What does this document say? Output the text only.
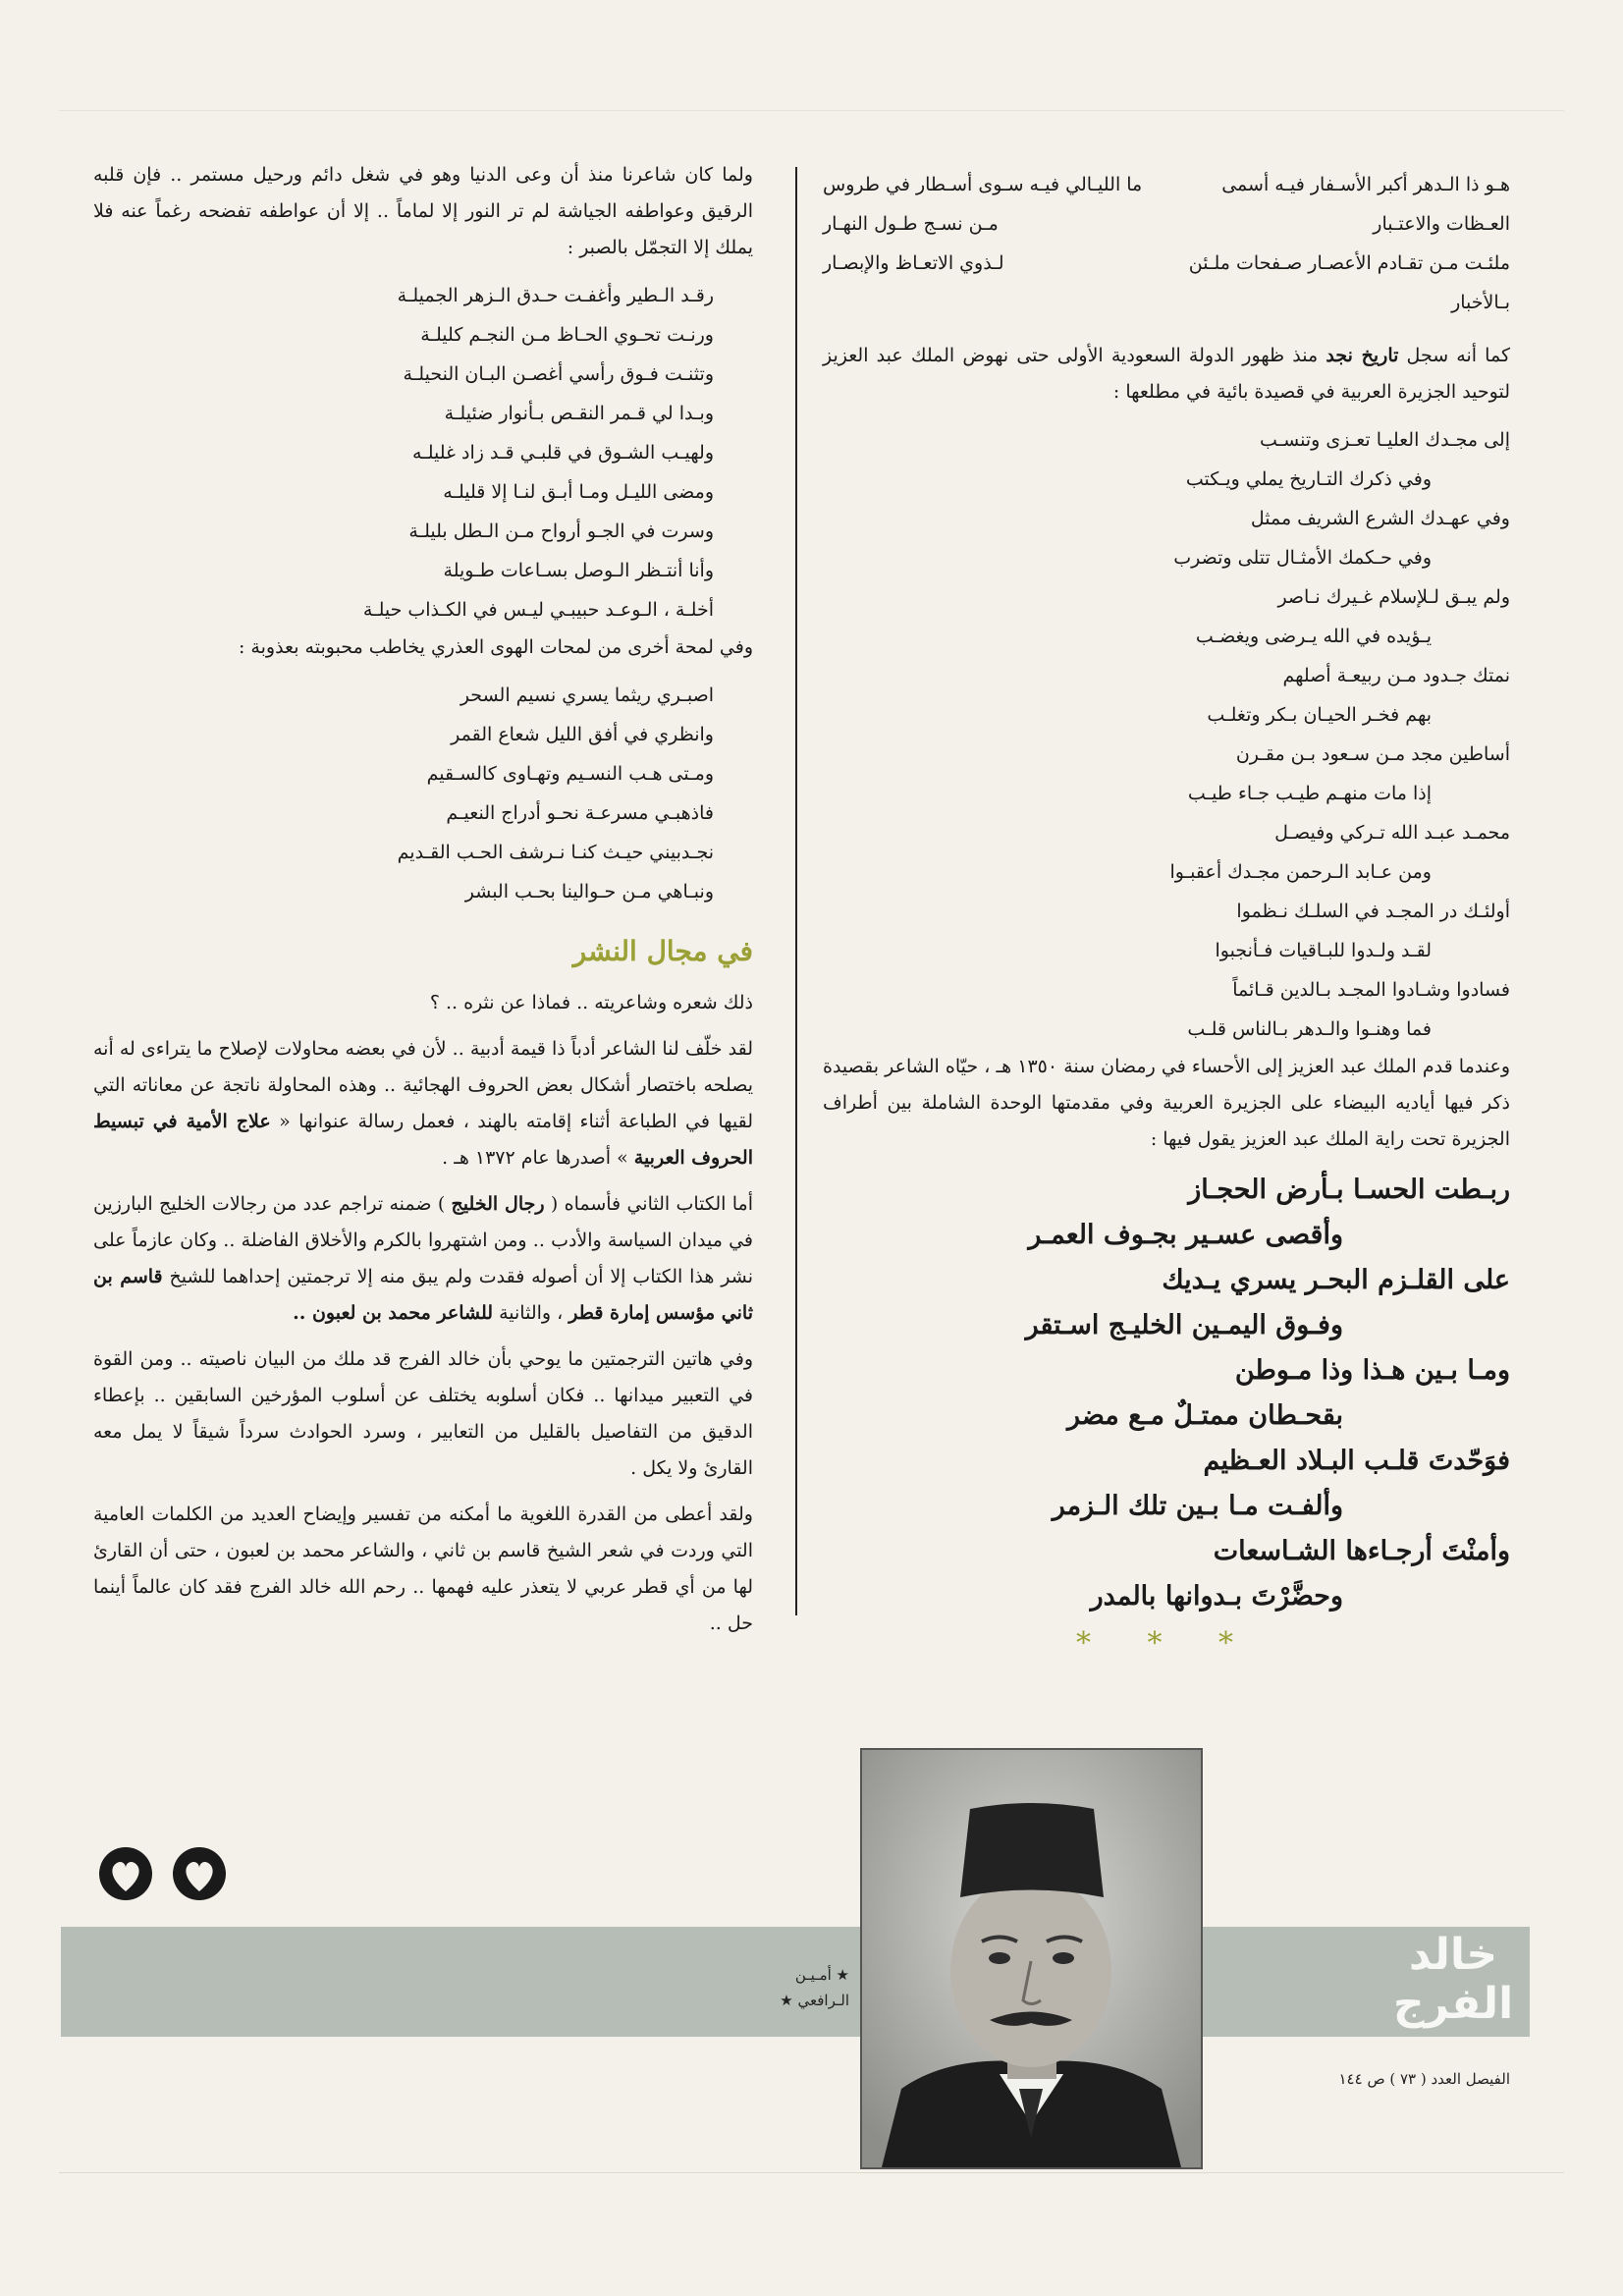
هـو ذا الـدهر أكبر الأسـفار فيـه أسمى العـظات والاعتـبار
ما الليـالي فيـه سـوى أسـطار في طروس مـن نسـج طـول النهـار
ملئـت مـن تقـادم الأعصـار صـفحات ملـئن بـالأخبار
لـذوي الاتعـاظ والإبصـار

كما أنه سجل تاريخ نجد منذ ظهور الدولة السعودية الأولى حتى نهوض الملك عبد العزيز لتوحيد الجزيرة العربية في قصيدة بائية في مطلعها :

إلى مجـدك العليـا تعـزى وتنسـب
وفي ذكرك التـاريخ يملي ويـكتب
وفي عهـدك الشرع الشريف ممثل
وفي حـكمك الأمثـال تتلى وتضرب
ولم يبـق لـلإسلام غـيرك نـاصر
يـؤيده في الله يـرضى ويغضـب
نمتك جـدود مـن ربيعـة أصلهم
بهم فخـر الحيـان بـكر وتغلـب
أساطين مجد مـن سـعود بـن مقـرن
إذا مات منهـم طيـب جـاء طيـب
محمـد عبـد الله تـركي وفيصـل
ومن عـابد الـرحمن مجـدك أعقبـوا
أولئـك در المجـد في السلـك نـظموا
لقـد ولـدوا للبـاقيات فـأنجبوا
فسادوا وشـادوا المجـد بـالدين قـائماً
فما وهنـوا والـدهر بـالناس قلـب

وعندما قدم الملك عبد العزيز إلى الأحساء في رمضان سنة ١٣٥٠ هـ ، حيّاه الشاعر بقصيدة ذكر فيها أياديه البيضاء على الجزيرة العربية وفي مقدمتها الوحدة الشاملة بين أطراف الجزيرة تحت راية الملك عبد العزيز يقول فيها :

ربـطت الحسـا بـأرض الحجـاز
وأقصى عسـير بجـوف العمـر
على القلـزم البحـر يسري يـديك
وفـوق اليمـين الخليـج اسـتقر
ومـا بـين هـذا وذا مـوطن
بقحـطان ممتـلٌ مـع مضر
فوَحّدتَ قلـب البـلاد العـظيم
وألفـت مـا بـين تلك الـزمر
وأمنْتَ أرجـاءها الشـاسعات
وحضَّرْتَ بـدوانها بالمدر
* * *

ولما كان شاعرنا منذ أن وعى الدنيا وهو في شغل دائم ورحيل مستمر .. فإن قلبه الرقيق وعواطفه الجياشة لم تر النور إلا لماماً .. إلا أن عواطفه تفضحه رغماً عنه فلا يملك إلا التجمّل بالصبر :

رقـد الـطير وأغفـت حـدق الـزهر الجميلـة
ورنـت تحـوي الحـاظ مـن النجـم كليلـة
وتثنـت فـوق رأسي أغصـن البـان النحيلـة
وبـدا لي قـمر النقـص بـأنوار ضئيلـة
ولهيـب الشـوق في قلبـي قـد زاد غليلـه
ومضى الليـل ومـا أبـق لنـا إلا قليلـه
وسرت في الجـو أرواح مـن الـطل بليلـة
وأنا أنتـظر الـوصل بسـاعات طـويلة
أخلـة ، الـوعـد حبيبـي ليـس في الكـذاب حيلـة

وفي لمحة أخرى من لمحات الهوى العذري يخاطب محبوبته بعذوبة :

اصبـري ريثما يسري نسيم السحر
وانظري في أفق الليل شعاع القمر
ومـتى هـب النسـيم وتهـاوى كالسـقيم
فاذهبـي مسرعـة نحـو أدراج النعيـم
نجـدبيني حيـث كنـا نـرشف الحـب القـديم
ونبـاهي مـن حـوالينا بحـب البشر
في مجال النشر

ذلك شعره وشاعريته .. فماذا عن نثره .. ؟

لقد خلّف لنا الشاعر أدباً ذا قيمة أدبية .. لأن في بعضه محاولات لإصلاح ما يتراءى له أنه يصلحه باختصار أشكال بعض الحروف الهجائية .. وهذه المحاولة ناتجة عن معاناته التي لقيها في الطباعة أثناء إقامته بالهند ، فعمل رسالة عنوانها « علاج الأمية في تبسيط الحروف العربية » أصدرها عام ١٣٧٢ هـ .

أما الكتاب الثاني فأسماه ( رجال الخليج ) ضمنه تراجم عدد من رجالات الخليج البارزين في ميدان السياسة والأدب .. ومن اشتهروا بالكرم والأخلاق الفاضلة .. وكان عازماً على نشر هذا الكتاب إلا أن أصوله فقدت ولم يبق منه إلا ترجمتين إحداهما للشيخ قاسم بن ثاني مؤسس إمارة قطر ، والثانية للشاعر محمد بن لعبون ..

وفي هاتين الترجمتين ما يوحي بأن خالد الفرج قد ملك من البيان ناصيته .. ومن القوة في التعبير ميدانها .. فكان أسلوبه يختلف عن أسلوب المؤرخين السابقين .. بإعطاء الدقيق من التفاصيل بالقليل من التعابير ، وسرد الحوادث سرداً شيقاً لا يمل معه القارئ ولا يكل .

ولقد أعطى من القدرة اللغوية ما أمكنه من تفسير وإيضاح العديد من الكلمات العامية التي وردت في شعر الشيخ قاسم بن ثاني ، والشاعر محمد بن لعبون ، حتى أن القارئ لها من أي قطر عربي لا يتعذر عليه فهمها .. رحم الله خالد الفرج فقد كان عالماً أينما حل ..

خالد
الفرج
★ أمـيـن
الـرافعي ★
الفيصل العدد ( ٧٣ ) ص ١٤٤
